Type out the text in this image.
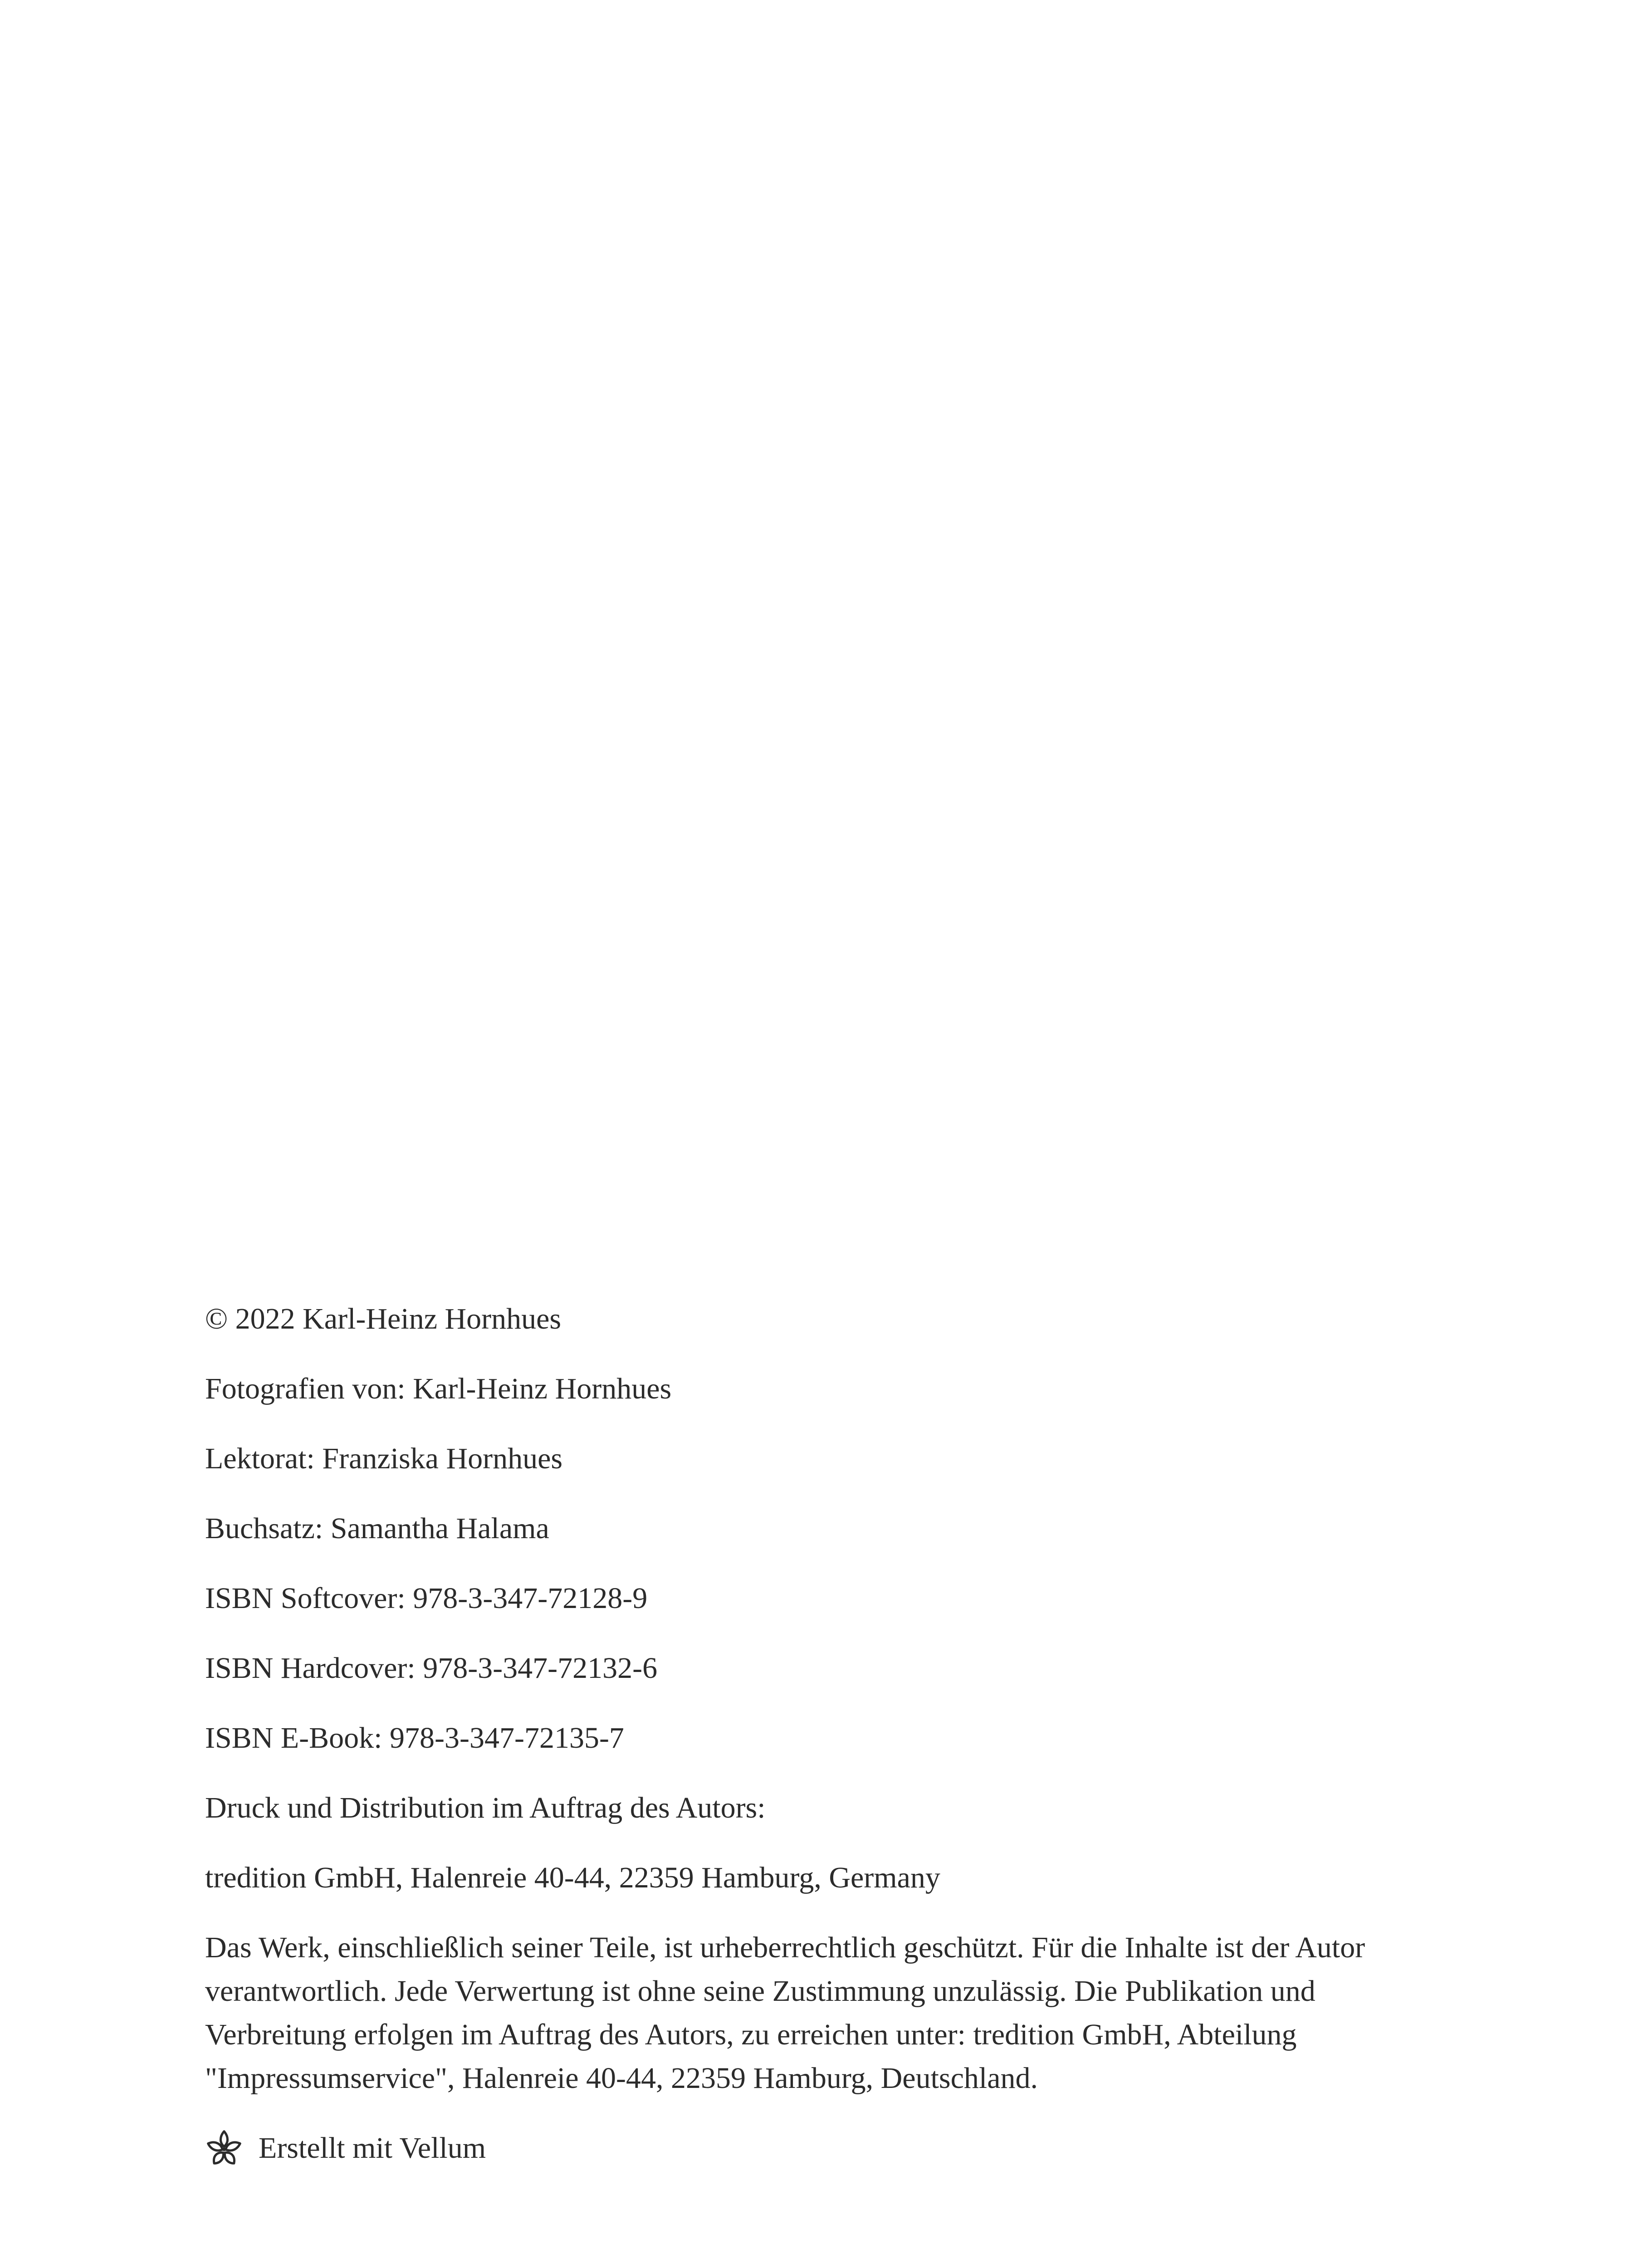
© 2022 Karl-Heinz Hornhues

Fotografien von: Karl-Heinz Hornhues

Lektorat: Franziska Hornhues

Buchsatz: Samantha Halama

ISBN Softcover: 978-3-347-72128-9

ISBN Hardcover: 978-3-347-72132-6

ISBN E-Book: 978-3-347-72135-7

Druck und Distribution im Auftrag des Autors:

tredition GmbH, Halenreie 40-44, 22359 Hamburg, Germany

Das Werk, einschließlich seiner Teile, ist urheberrechtlich geschützt. Für die Inhalte ist der Autor verantwortlich. Jede Verwertung ist ohne seine Zustimmung unzulässig. Die Publikation und Verbreitung erfolgen im Auftrag des Autors, zu erreichen unter: tredition GmbH, Abteilung "Impressumservice", Halenreie 40-44, 22359 Hamburg, Deutschland.

Erstellt mit Vellum
